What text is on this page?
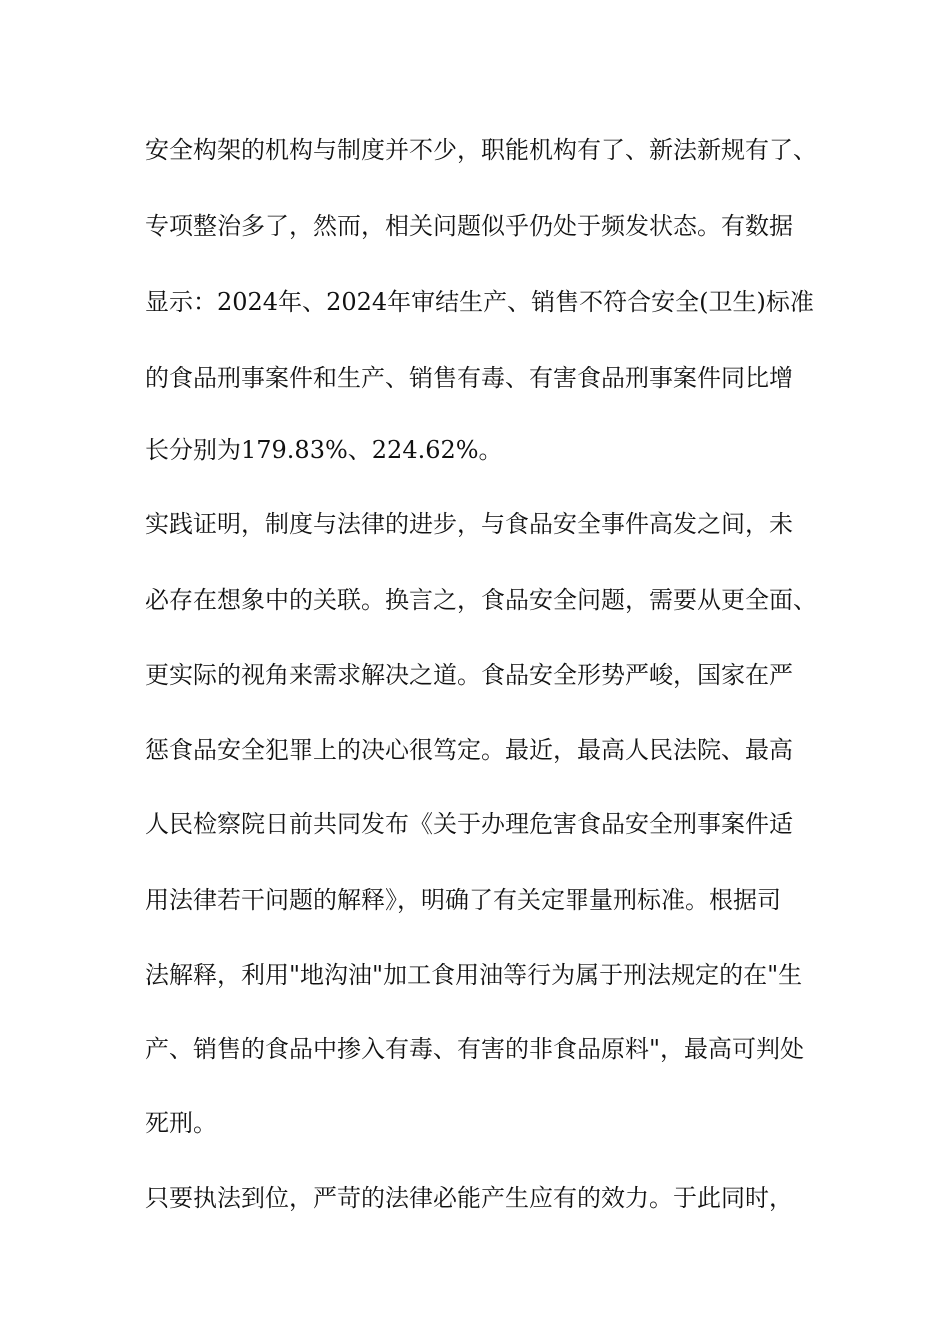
安全构架的机构与制度并不少，职能机构有了、新法新规有了、
专项整治多了，然而，相关问题似乎仍处于频发状态。有数据
显示：2024年、2024年审结生产、销售不符合安全(卫生)标准
的食品刑事案件和生产、销售有毒、有害食品刑事案件同比增
长分别为179.83%、224.62%。
实践证明，制度与法律的进步，与食品安全事件高发之间，未
必存在想象中的关联。换言之，食品安全问题，需要从更全面、
更实际的视角来需求解决之道。食品安全形势严峻，国家在严
惩食品安全犯罪上的决心很笃定。最近，最高人民法院、最高
人民检察院日前共同发布《关于办理危害食品安全刑事案件适
用法律若干问题的解释》，明确了有关定罪量刑标准。根据司
法解释，利用"地沟油"加工食用油等行为属于刑法规定的在"生
产、销售的食品中掺入有毒、有害的非食品原料"，最高可判处
死刑。
只要执法到位，严苛的法律必能产生应有的效力。于此同时，
